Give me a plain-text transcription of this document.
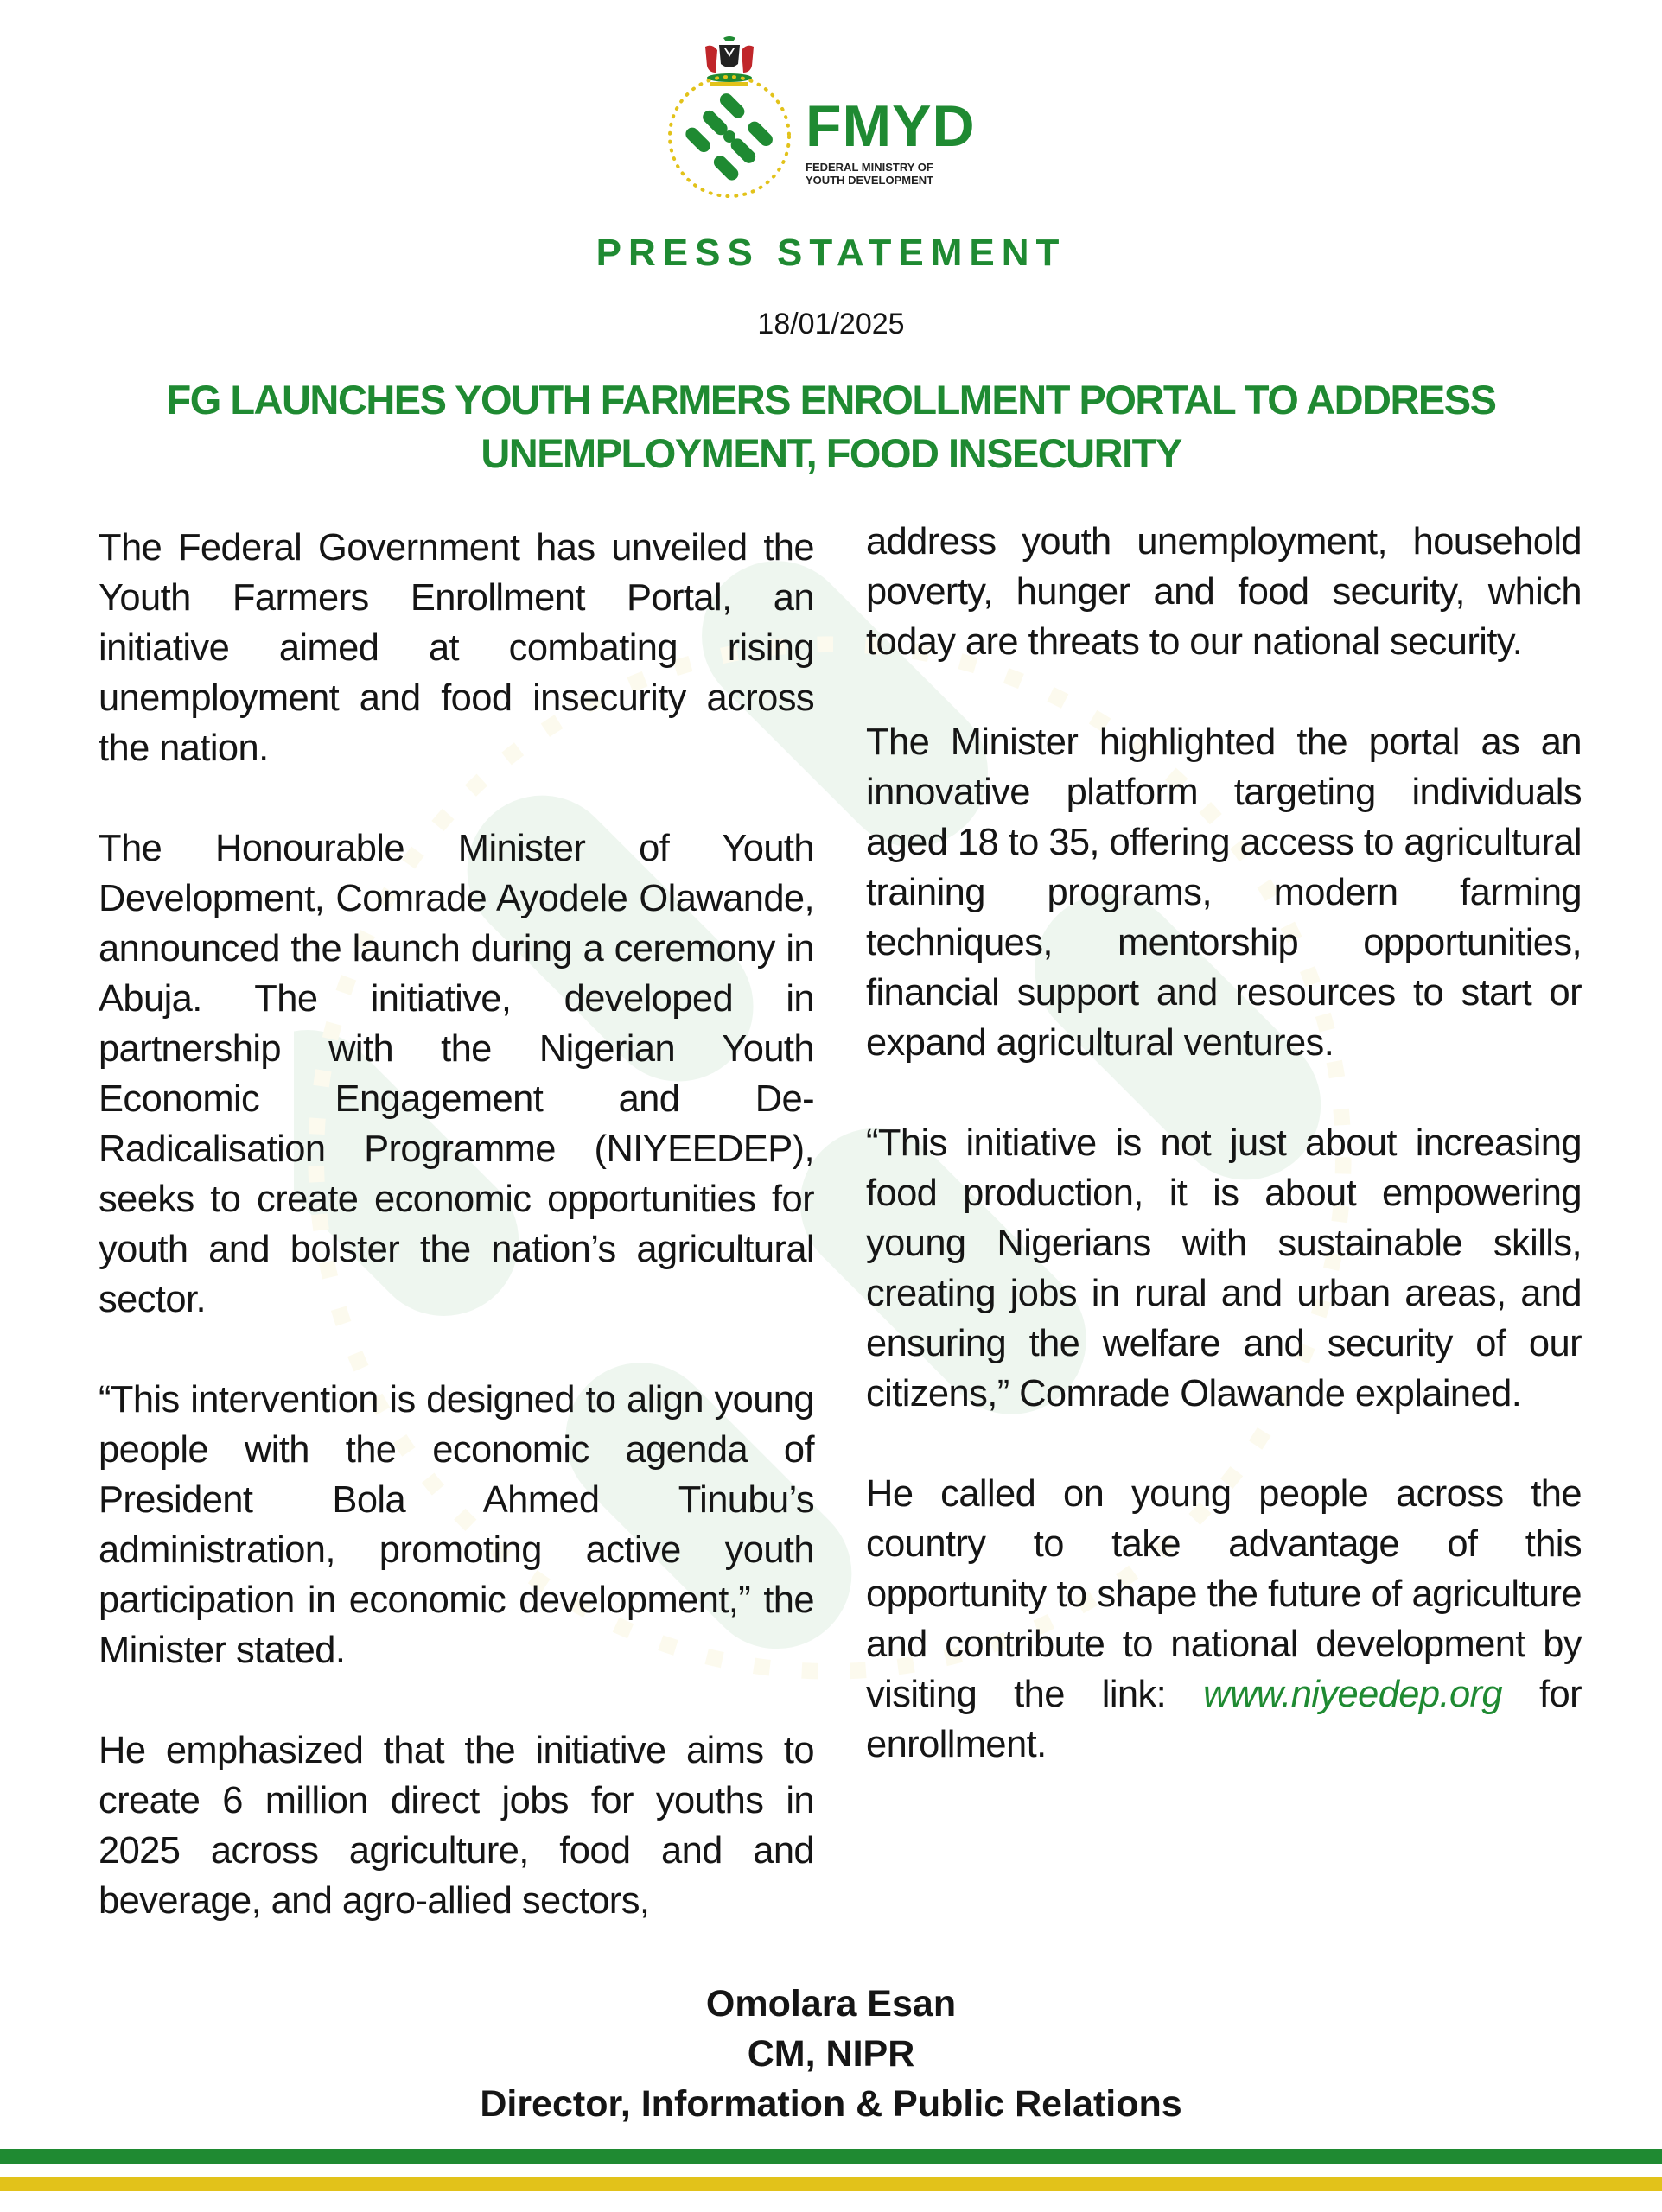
FMYD
FEDERAL MINISTRY OF YOUTH DEVELOPMENT
PRESS STATEMENT
18/01/2025
FG LAUNCHES YOUTH FARMERS ENROLLMENT PORTAL TO ADDRESS
UNEMPLOYMENT, FOOD INSECURITY

The Federal Government has unveiled the Youth Farmers Enrollment Portal, an initiative aimed at combating rising unemployment and food insecurity across the nation.

The Honourable Minister of Youth Development, Comrade Ayodele Olawande, announced the launch during a ceremony in Abuja. The initiative, developed in partnership with the Nigerian Youth Economic Engagement and De-Radicalisation Programme (NIYEEDEP), seeks to create economic opportunities for youth and bolster the nation’s agricultural sector.

“This intervention is designed to align young people with the economic agenda of President Bola Ahmed Tinubu’s administration, promoting active youth participation in economic development,” the Minister stated.

He emphasized that the initiative aims to create 6 million direct jobs for youths in 2025 across agriculture, food and and beverage, and agro-allied sectors,

address youth unemployment, household poverty, hunger and food security, which today are threats to our national security.

The Minister highlighted the portal as an innovative platform targeting individuals aged 18 to 35, offering access to agricultural training programs, modern farming techniques, mentorship opportunities, financial support and resources to start or expand agricultural ventures.

“This initiative is not just about increasing food production, it is about empowering young Nigerians with sustainable skills, creating jobs in rural and urban areas, and ensuring the welfare and security of our citizens,” Comrade Olawande explained.

He called on young people across the country to take advantage of this opportunity to shape the future of agriculture and contribute to national development by visiting the link: www.niyeedep.org for enrollment.

Omolara Esan
CM, NIPR
Director, Information & Public Relations
